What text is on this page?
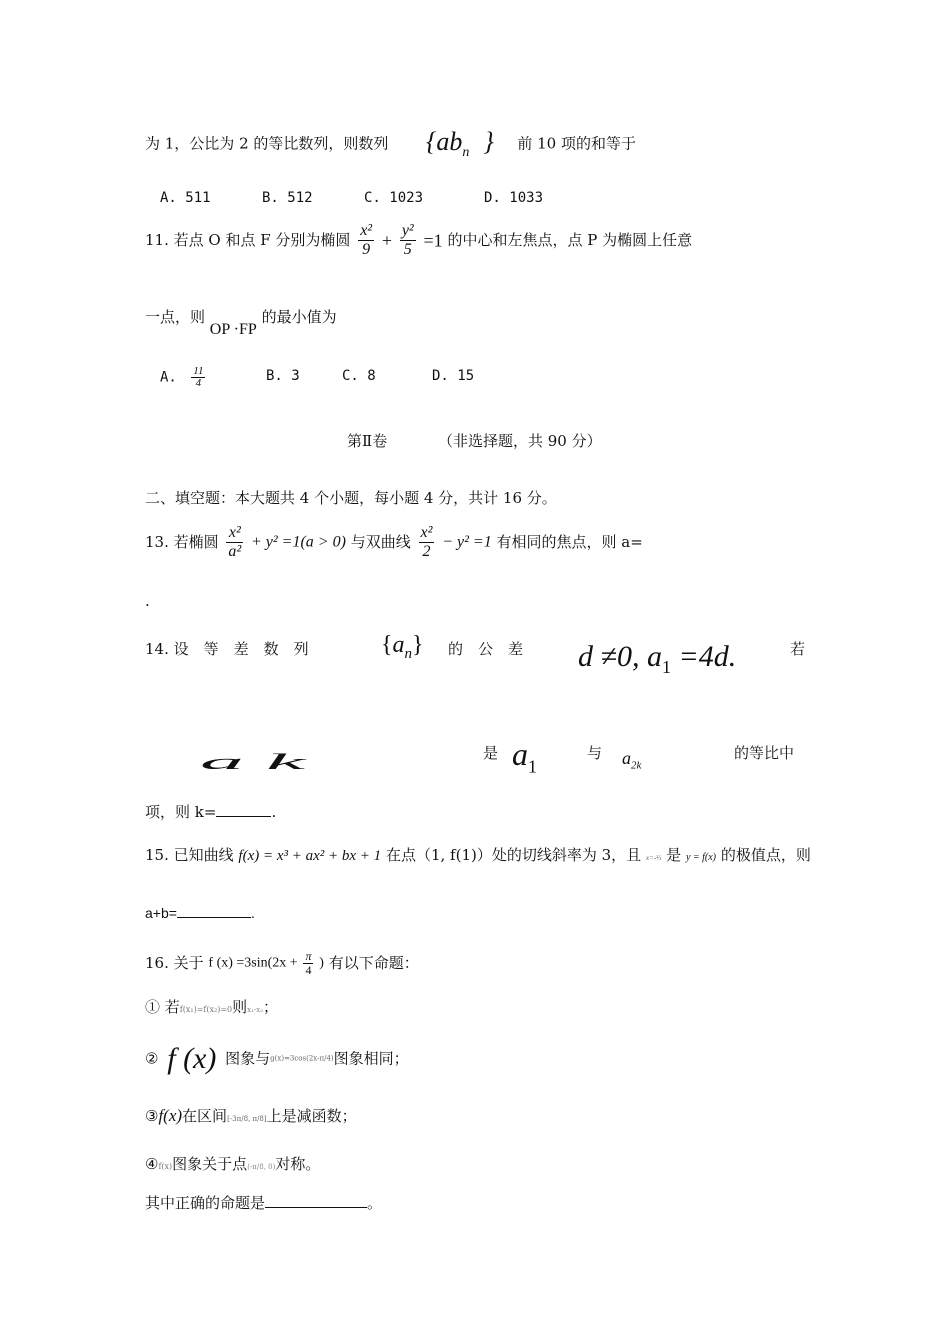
为 1，公比为 2 的等比数列，则数列 {$ab_n$ } 前 10 项的和等于
A. 511	B. 512	C. 1023	D. 1033
11. 若点 O 和点 F 分别为椭圆 $\frac{\text{x²}}{9} + \frac{\text{y²}}{5} =1$ 的中心和左焦点，点 P 为椭圆上任意
一点，则 OP ·FP 的最小值为
A. $\frac{11}{4}$	B. 3	C. 8	D. 15
第Ⅱ卷	（非选择题，共 90 分）
二、填空题：本大题共 4 个小题，每小题 4 分，共计 16 分。
13. 若椭圆 $\frac{\text{x²}}{\text{a²}} + y^2 =1(a > 0)$ 与双曲线 $\frac{\text{x²}}{2} - y^2 =1$ 有相同的焦点，则 a=
.
14. 设　等　差　数　列	$\{a_n\}$ 的　公　差 d ≠0, $a_1 =4d$.	若
a k	是 $a_1$
与 $a_{2k}$
的等比中
项，则 k=	.
15. 已知曲线 f(x) = x³ + ax² + bx + 1 在点（1, f(1)）处的切线斜率为 3，且 x=-⅔ 是 y = f(x) 的极值点，则
a+b=	.
16. 关于 f $(x) =3\sin(2x + \frac{\pi}{4}$ ) 有以下命题：
① 若f(x₁)=f(x₂)=0则x₁-x₂；
② f (x) 图象与g(x)=3cos(2x-π/4)图象相同；
③f(x)在区间[-3π/8, π/8]上是减函数；
④f(x)图象关于点(-π/8, 0)对称。
其中正确的命题是	。
